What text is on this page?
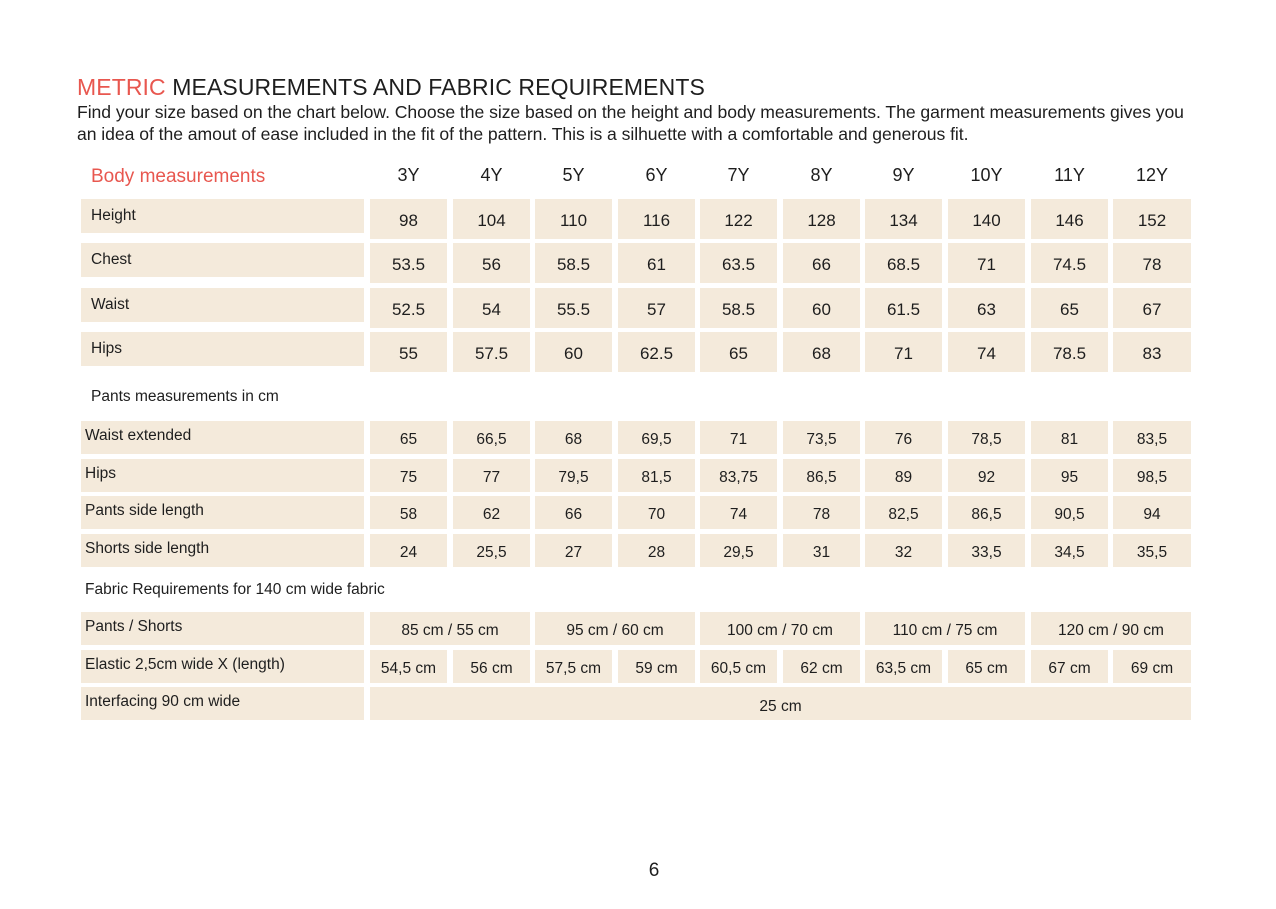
METRIC MEASUREMENTS AND FABRIC REQUIREMENTS

Find your size based on the chart below. Choose the size based on the height and body measurements. The garment measurements gives you an idea of the amout of ease included in the fit of the pattern. This is a silhuette with a comfortable and generous fit.

Body measurements	3Y	4Y	5Y	6Y	7Y	8Y	9Y	10Y	11Y	12Y
Height	98	104	110	116	122	128	134	140	146	152
Chest	53.5	56	58.5	61	63.5	66	68.5	71	74.5	78
Waist	52.5	54	55.5	57	58.5	60	61.5	63	65	67
Hips	55	57.5	60	62.5	65	68	71	74	78.5	83
Pants measurements in cm
Waist extended	65	66,5	68	69,5	71	73,5	76	78,5	81	83,5
Hips	75	77	79,5	81,5	83,75	86,5	89	92	95	98,5
Pants side length	58	62	66	70	74	78	82,5	86,5	90,5	94
Shorts side length	24	25,5	27	28	29,5	31	32	33,5	34,5	35,5
Fabric Requirements for 140 cm wide fabric
Pants / Shorts	85 cm / 55 cm	95 cm / 60 cm	100 cm / 70 cm	110 cm / 75 cm	120 cm / 90 cm
Elastic 2,5cm wide X (length)	54,5 cm	56 cm	57,5 cm	59 cm	60,5 cm	62 cm	63,5 cm	65 cm	67 cm	69 cm
Interfacing 90 cm wide	25 cm
6
